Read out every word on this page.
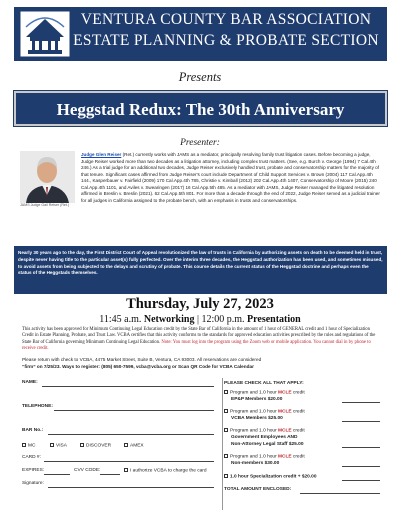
VENTURA COUNTY BAR ASSOCIATION
ESTATE PLANNING & PROBATE SECTION
Presents
Heggstad Redux: The 30th Anniversary
Presenter:
JAMS Judge Gail Reiser (Ret.)
Judge Glen Reiser (Ret.) currently works with JAMS as a mediator, principally resolving family trust litigation cases. Before becoming a judge, Judge Reiser worked more than two decades as a litigation attorney, including complex trust matters. (See, e.g. Burch v. George (1994) 7 Cal.4th 246.) As a trial judge for an additional two decades, Judge Reiser exclusively handled trust, probate and conservatorship matters for the majority of that tenure. Significant cases affirmed from Judge Reiser's court include Department of Child Support Services v. Brown (2004) 117 Cal.App.4th 144., Kasperbauer v. Fairfield (2009) 170 Cal.App.4th 785, Christie v. Kimball (2012) 202 Cal.App.4th 1407, Conservatorship of Moore (2015) 240 Cal.App.4th 1101, and Aviles v. Swearingen (2017) 16 Cal.App.5th 485. As a mediator with JAMS, Judge Reiser managed the litigated resolution affirmed in Breslin v. Breslin (2021). 62 Cal.App.5th 801. For more than a decade through the end of 2022, Judge Reiser served as a judicial trainer for all judges in California assigned to the probate bench, with an emphasis in trusts and conservatorships.
Nearly 30 years ago to the day, the First District Court of Appeal revolutionized the law of trusts in California by authorizing assets on death to be deemed held in trust, despite never having title to the particular asset(s) fully perfected. Over the interim three decades, the Heggstad authorization has been used, and sometimes misused, to avoid assets from being subjected to the delays and scrutiny of probate. This course details the current status of the Heggstad doctrine and perhaps even the status of the Heggstads themselves.
Thursday, July 27, 2023
11:45 a.m. Networking | 12:00 p.m. Presentation
This activity has been approved for Minimum Continuing Legal Education credit by the State Bar of California in the amount of 1 hour of GENERAL credit and 1 hour of Specialization Credit in Estate Planning, Probate, and Trust Law. VCBA certifies that this activity conforms to the standards for approved education activities prescribed by the rules and regulations of the State Bar of California governing Minimum Continuing Legal Education. Note: You must log into the program using the Zoom web or mobile application. You cannot dial in by phone to receive credit.
Please return with check to VCBA, 4475 Market Street, Suite B, Ventura, CA 93003. All reservations are considered
“firm” on 7/25/23. Ways to register: (805) 650-7599, vcba@vcba.org or Scan QR Code for VCBA Calendar
NAME:
TELEPHONE:
BAR No.:
MC	VISA	DISCOVER	AMEX
CARD #:
EXPIRES:	CVV CODE:	I authorize VCBA to charge the card
Signature:
PLEASE CHECK ALL THAT APPLY:
Program and 1.0 hour MCLE credit
EP&P Members $20.00
Program and 1.0 hour MCLE credit
VCBA Members $25.00
Program and 1.0 hour MCLE credit
Government Employees AND
Non-Attorney Legal Staff $25.00
Program and 1.0 hour MCLE credit
Non-members $30.00
1.0 hour Specialization credit + $20.00
TOTAL AMOUNT ENCLOSED:
